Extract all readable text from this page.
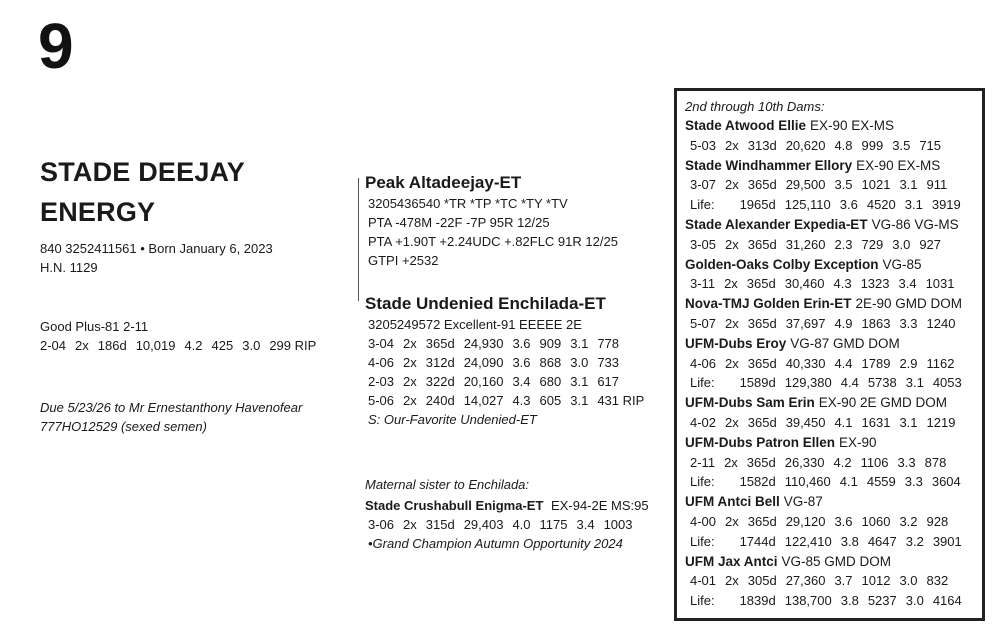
9
STADE DEEJAY
ENERGY
840 3252411561 • Born January 6, 2023
H.N. 1129
Good Plus-81 2-11
2-04 2x 186d 10,019 4.2 425 3.0 299 RIP
Due 5/23/26 to Mr Ernestanthony Havenofear
777HO12529 (sexed semen)
Peak Altadeejay-ET
3205436540 *TR *TP *TC *TY *TV
PTA -478M -22F -7P 95R 12/25
PTA +1.90T +2.24UDC +.82FLC 91R 12/25
GTPI +2532
Stade Undenied Enchilada-ET
3205249572 Excellent-91 EEEEE 2E
3-04 2x 365d 24,930 3.6 909 3.1 778
4-06 2x 312d 24,090 3.6 868 3.0 733
2-03 2x 322d 20,160 3.4 680 3.1 617
5-06 2x 240d 14,027 4.3 605 3.1 431 RIP
S: Our-Favorite Undenied-ET
Maternal sister to Enchilada:
Stade Crushabull Enigma-ET EX-94-2E MS:95
3-06 2x 315d 29,403 4.0 1175 3.4 1003
•Grand Champion Autumn Opportunity 2024
2nd through 10th Dams:
Stade Atwood Ellie EX-90 EX-MS
5-03 2x 313d 20,620 4.8 999 3.5 715
Stade Windhammer Ellory EX-90 EX-MS
3-07 2x 365d 29,500 3.5 1021 3.1 911
Life: 1965d 125,110 3.6 4520 3.1 3919
Stade Alexander Expedia-ET VG-86 VG-MS
3-05 2x 365d 31,260 2.3 729 3.0 927
Golden-Oaks Colby Exception VG-85
3-11 2x 365d 30,460 4.3 1323 3.4 1031
Nova-TMJ Golden Erin-ET 2E-90 GMD DOM
5-07 2x 365d 37,697 4.9 1863 3.3 1240
UFM-Dubs Eroy VG-87 GMD DOM
4-06 2x 365d 40,330 4.4 1789 2.9 1162
Life: 1589d 129,380 4.4 5738 3.1 4053
UFM-Dubs Sam Erin EX-90 2E GMD DOM
4-02 2x 365d 39,450 4.1 1631 3.1 1219
UFM-Dubs Patron Ellen EX-90
2-11 2x 365d 26,330 4.2 1106 3.3 878
Life: 1582d 110,460 4.1 4559 3.3 3604
UFM Antci Bell VG-87
4-00 2x 365d 29,120 3.6 1060 3.2 928
Life: 1744d 122,410 3.8 4647 3.2 3901
UFM Jax Antci VG-85 GMD DOM
4-01 2x 305d 27,360 3.7 1012 3.0 832
Life: 1839d 138,700 3.8 5237 3.0 4164
